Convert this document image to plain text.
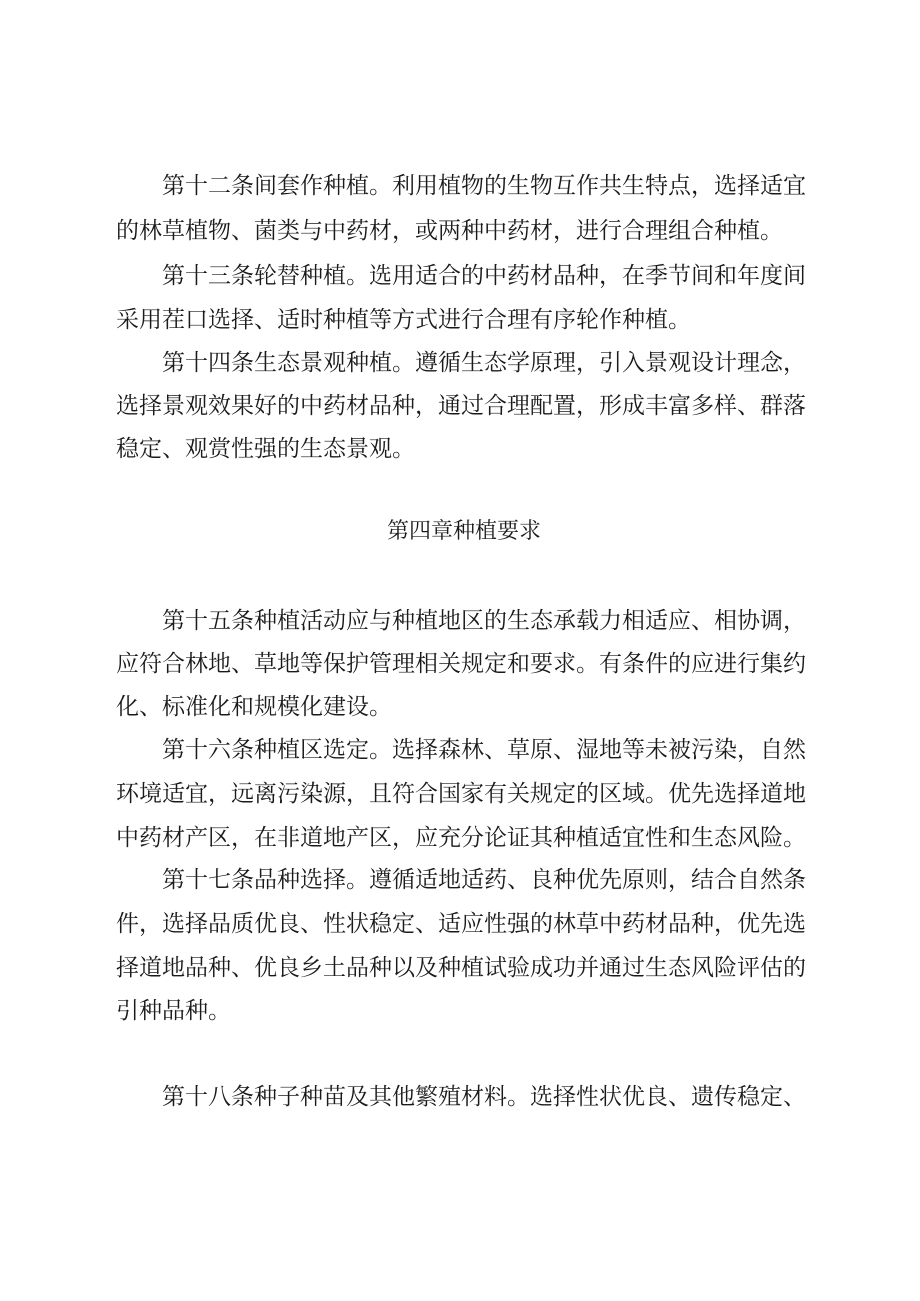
第十二条间套作种植。利用植物的生物互作共生特点，选择适宜
的林草植物、菌类与中药材，或两种中药材，进行合理组合种植。
第十三条轮替种植。选用适合的中药材品种，在季节间和年度间
采用茬口选择、适时种植等方式进行合理有序轮作种植。
第十四条生态景观种植。遵循生态学原理，引入景观设计理念，
选择景观效果好的中药材品种，通过合理配置，形成丰富多样、群落
稳定、观赏性强的生态景观。
第四章种植要求
第十五条种植活动应与种植地区的生态承载力相适应、相协调，
应符合林地、草地等保护管理相关规定和要求。有条件的应进行集约
化、标准化和规模化建设。
第十六条种植区选定。选择森林、草原、湿地等未被污染，自然
环境适宜，远离污染源，且符合国家有关规定的区域。优先选择道地
中药材产区，在非道地产区，应充分论证其种植适宜性和生态风险。
第十七条品种选择。遵循适地适药、良种优先原则，结合自然条
件，选择品质优良、性状稳定、适应性强的林草中药材品种，优先选
择道地品种、优良乡土品种以及种植试验成功并通过生态风险评估的
引种品种。
第十八条种子种苗及其他繁殖材料。选择性状优良、遗传稳定、
